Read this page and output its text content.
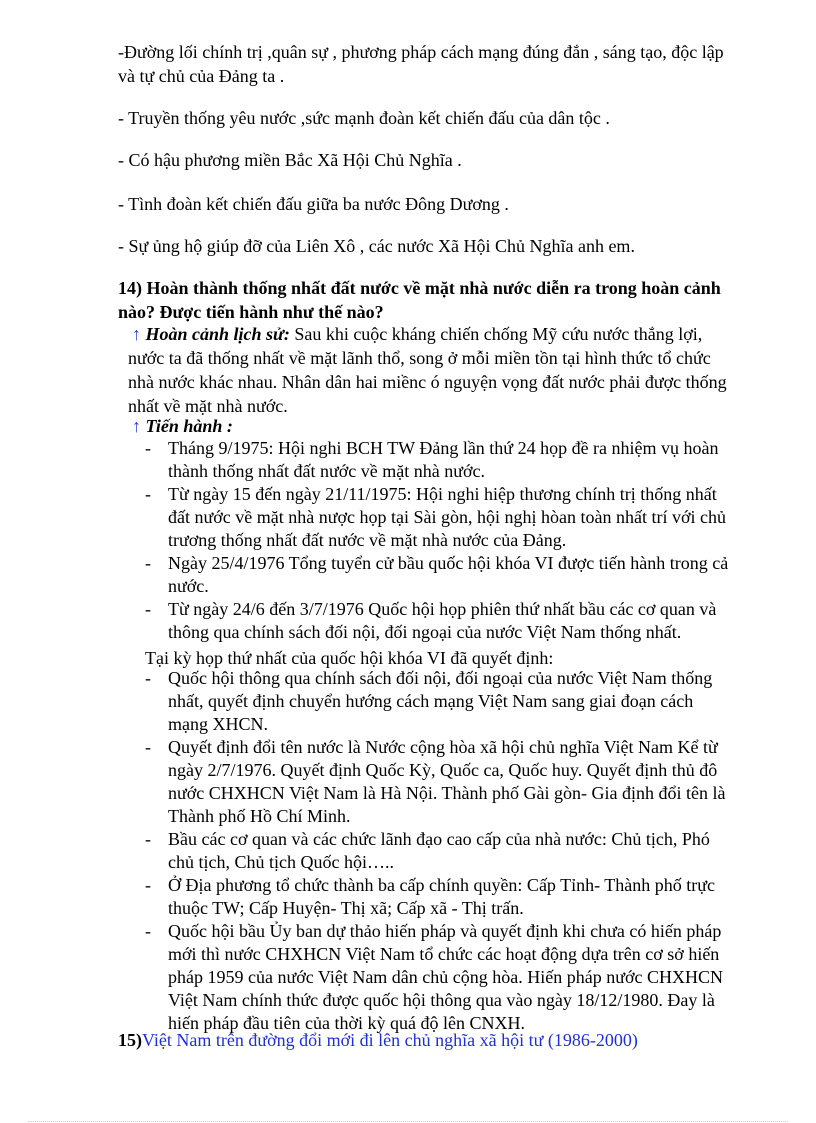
-Đường lối chính trị ,quân sự , phương pháp cách mạng đúng đắn , sáng tạo, độc lập
và tự chủ của Đảng ta .
- Truyền thống yêu nước ,sức mạnh đoàn kết chiến đấu của dân tộc .
- Có hậu phương miền Bắc Xã Hội Chủ Nghĩa .
- Tình đoàn kết chiến đấu giữa ba nước Đông Dương .
- Sự ủng hộ giúp đỡ của Liên Xô , các nước Xã Hội Chủ Nghĩa anh em.
14) Hoàn thành thống nhất đất nước về mặt nhà nước diễn ra trong hoàn cảnh
nào? Được tiến hành như thế nào?
↑ Hoàn cảnh lịch sử: Sau khi cuộc kháng chiến chống Mỹ cứu nước thắng lợi,
nước ta đã thống nhất về mặt lãnh thổ, song ở mỗi miền tồn tại hình thức tổ chức
nhà nước khác nhau. Nhân dân hai miềnc ó nguyện vọng đất nước phải được thống
nhất về mặt nhà nước.
↑ Tiến hành :
- Tháng 9/1975: Hội nghi BCH TW Đảng lần thứ 24 họp đề ra nhiệm vụ hoàn
thành thống nhất đất nước về mặt nhà nước.
- Từ ngày 15 đến ngày 21/11/1975: Hội nghi hiệp thương chính trị thống nhất
đất nước về mặt nhà nược họp tại Sài gòn, hội nghị hòan toàn nhất trí với chủ
trương thống nhất đất nước về mặt nhà nước của Đảng.
- Ngày 25/4/1976 Tổng tuyển cử bầu quốc hội khóa VI được tiến hành trong cả
nước.
- Từ ngày 24/6 đến 3/7/1976 Quốc hội họp phiên thứ nhất bầu các cơ quan và
thông qua chính sách đối nội, đối ngoại của nước Việt Nam thống nhất.
Tại kỳ họp thứ nhất của quốc hội khóa VI đã quyết định:
- Quốc hội thông qua chính sách đối nội, đối ngoại của nước Việt Nam thống
nhất, quyết định chuyển hướng cách mạng Việt Nam sang giai đoạn cách
mạng XHCN.
- Quyết định đổi tên nước là Nước cộng hòa xã hội chủ nghĩa Việt Nam Kể từ
ngày 2/7/1976. Quyết định Quốc Kỳ, Quốc ca, Quốc huy. Quyết định thủ đô
nước CHXHCN Việt Nam là Hà Nội. Thành phố Gài gòn- Gia định đổi tên là
Thành phố Hồ Chí Minh.
- Bầu các cơ quan và các chức lãnh đạo cao cấp của nhà nước: Chủ tịch, Phó
chủ tịch, Chủ tịch Quốc hội…..
- Ở Địa phương tổ chức thành ba cấp chính quyền: Cấp Tỉnh- Thành phố trực
thuộc TW; Cấp Huyện- Thị xã; Cấp xã - Thị trấn.
- Quốc hội bầu Ủy ban dự thảo hiến pháp và quyết định khi chưa có hiến pháp
mới thì nước CHXHCN Việt Nam tổ chức các hoạt động dựa trên cơ sở hiến
pháp 1959 của nước Việt Nam dân chủ cộng hòa. Hiến pháp nước CHXHCN
Việt Nam chính thức được quốc hội thông qua vào ngày 18/12/1980. Đay là
hiến pháp đầu tiên của thời kỳ quá độ lên CNXH.
15)Việt Nam trên đường đổi mới đi lên chủ nghĩa xã hội tư (1986-2000)
